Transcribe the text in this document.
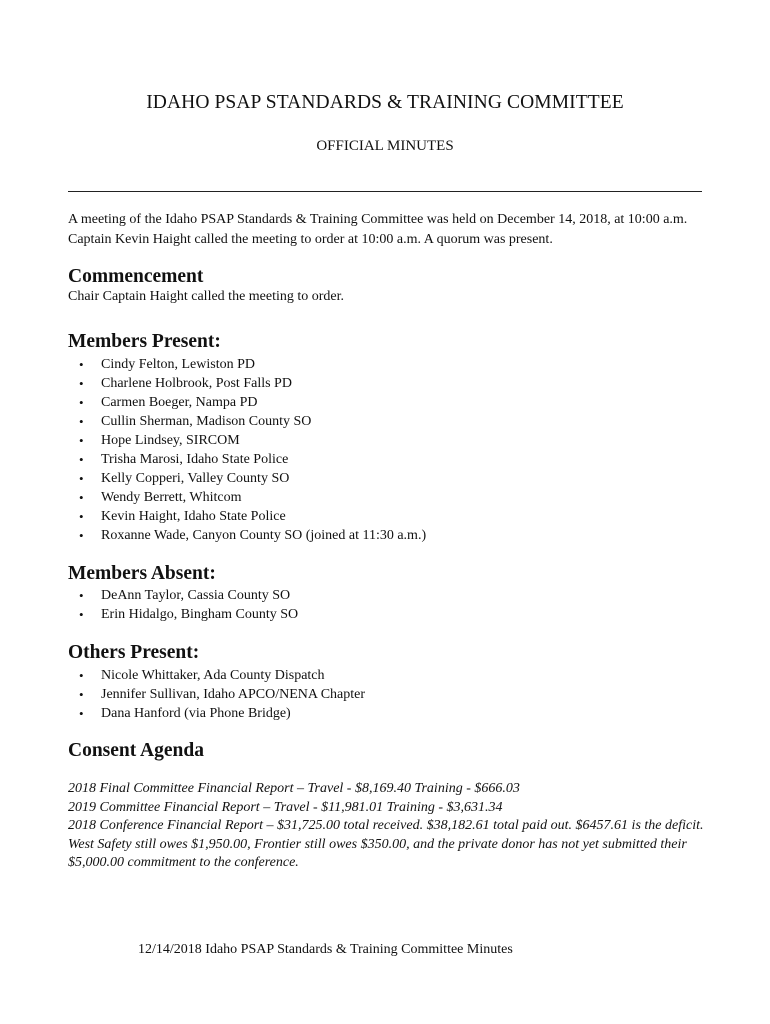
IDAHO PSAP STANDARDS & TRAINING COMMITTEE
OFFICIAL MINUTES
A meeting of the Idaho PSAP Standards & Training Committee was held on December 14, 2018, at 10:00 a.m. Captain Kevin Haight called the meeting to order at 10:00 a.m. A quorum was present.
Commencement
Chair Captain Haight called the meeting to order.
Members Present:
• Cindy Felton, Lewiston PD
• Charlene Holbrook, Post Falls PD
• Carmen Boeger, Nampa PD
• Cullin Sherman, Madison County SO
• Hope Lindsey, SIRCOM
• Trisha Marosi, Idaho State Police
• Kelly Copperi, Valley County SO
• Wendy Berrett, Whitcom
• Kevin Haight, Idaho State Police
• Roxanne Wade, Canyon County SO (joined at 11:30 a.m.)
Members Absent:
• DeAnn Taylor, Cassia County SO
• Erin Hidalgo, Bingham County SO
Others Present:
• Nicole Whittaker, Ada County Dispatch
• Jennifer Sullivan, Idaho APCO/NENA Chapter
• Dana Hanford (via Phone Bridge)
Consent Agenda
2018 Final Committee Financial Report – Travel - $8,169.40 Training - $666.03
2019 Committee Financial Report – Travel - $11,981.01 Training - $3,631.34
2018 Conference Financial Report – $31,725.00 total received. $38,182.61 total paid out. $6457.61 is the deficit. West Safety still owes $1,950.00, Frontier still owes $350.00, and the private donor has not yet submitted their $5,000.00 commitment to the conference.
12/14/2018 Idaho PSAP Standards & Training Committee Minutes
